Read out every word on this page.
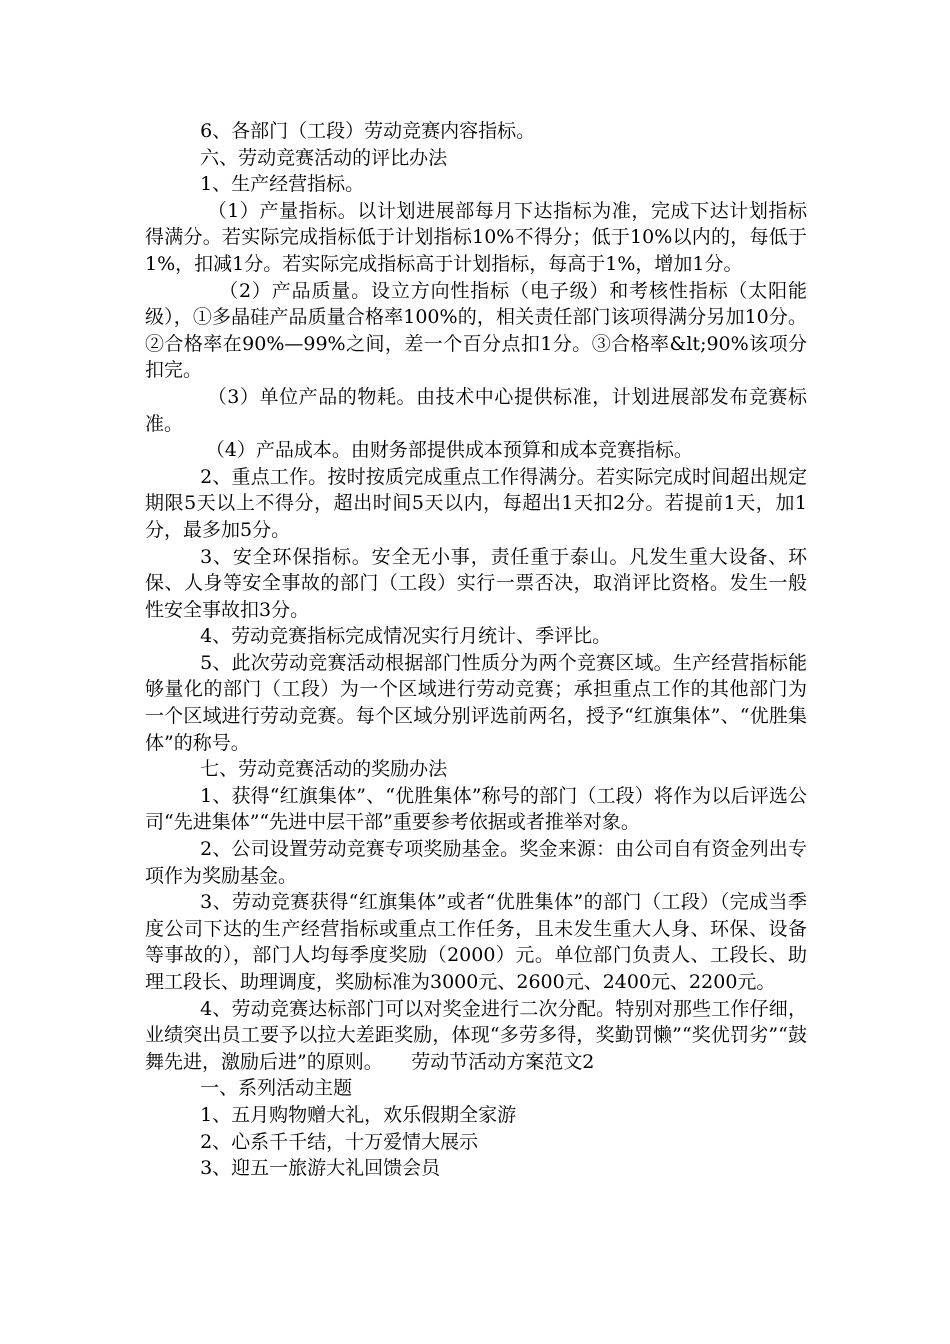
6、各部门（工段）劳动竞赛内容指标。

六、劳动竞赛活动的评比办法

1、生产经营指标。

（1）产量指标。以计划进展部每月下达指标为准，完成下达计划指标得满分。若实际完成指标低于计划指标10%不得分；低于10%以内的，每低于1%，扣减1分。若实际完成指标高于计划指标，每高于1%，增加1分。

（2）产品质量。设立方向性指标（电子级）和考核性指标（太阳能级），①多晶硅产品质量合格率100%的，相关责任部门该项得满分另加10分。②合格率在90%—99%之间，差一个百分点扣1分。③合格率&lt;90%该项分扣完。

（3）单位产品的物耗。由技术中心提供标准，计划进展部发布竞赛标准。

（4）产品成本。由财务部提供成本预算和成本竞赛指标。

2、重点工作。按时按质完成重点工作得满分。若实际完成时间超出规定期限5天以上不得分，超出时间5天以内，每超出1天扣2分。若提前1天，加1分，最多加5分。

3、安全环保指标。安全无小事，责任重于泰山。凡发生重大设备、环保、人身等安全事故的部门（工段）实行一票否决，取消评比资格。发生一般性安全事故扣3分。

4、劳动竞赛指标完成情况实行月统计、季评比。

5、此次劳动竞赛活动根据部门性质分为两个竞赛区域。生产经营指标能够量化的部门（工段）为一个区域进行劳动竞赛；承担重点工作的其他部门为一个区域进行劳动竞赛。每个区域分别评选前两名，授予“红旗集体”、“优胜集体”的称号。

七、劳动竞赛活动的奖励办法

1、获得“红旗集体”、“优胜集体”称号的部门（工段）将作为以后评选公司“先进集体”“先进中层干部”重要参考依据或者推举对象。

2、公司设置劳动竞赛专项奖励基金。奖金来源：由公司自有资金列出专项作为奖励基金。

3、劳动竞赛获得“红旗集体”或者“优胜集体”的部门（工段）（完成当季度公司下达的生产经营指标或重点工作任务，且未发生重大人身、环保、设备等事故的），部门人均每季度奖励（2000）元。单位部门负责人、工段长、助理工段长、助理调度，奖励标准为3000元、2600元、2400元、2200元。

4、劳动竞赛达标部门可以对奖金进行二次分配。特别对那些工作仔细，业绩突出员工要予以拉大差距奖励，体现“多劳多得，奖勤罚懒”“奖优罚劣”“鼓舞先进，激励后进”的原则。　　劳动节活动方案范文2

一、系列活动主题

1、五月购物赠大礼，欢乐假期全家游

2、心系千千结，十万爱情大展示

3、迎五一旅游大礼回馈会员
